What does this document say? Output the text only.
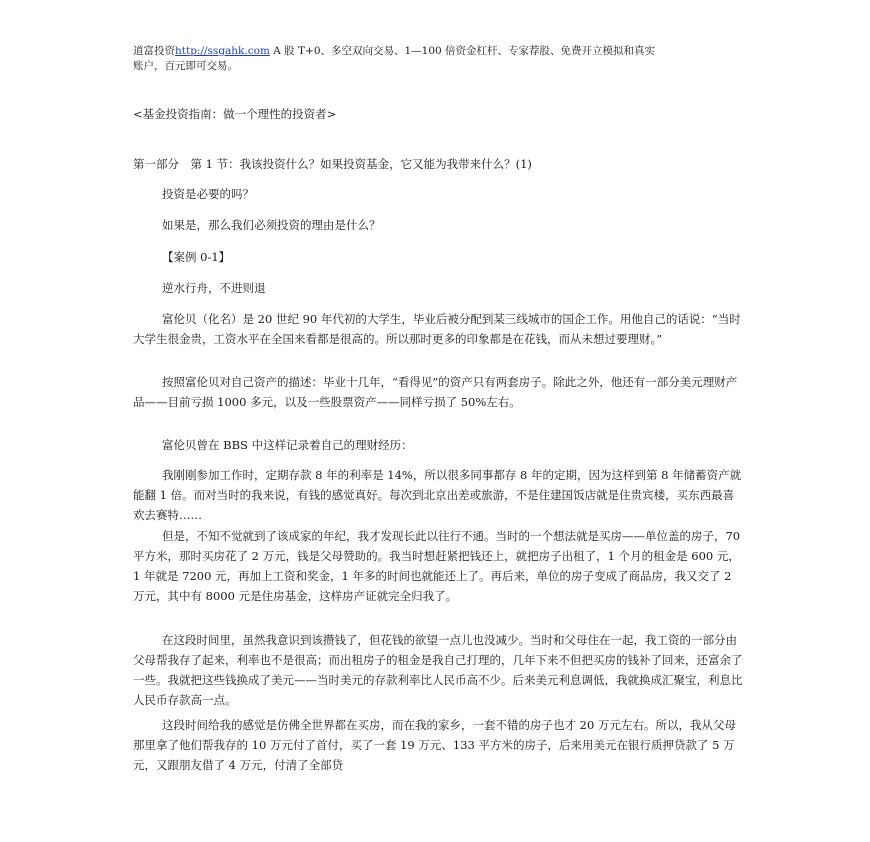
道富投资http://ssgahk.com A 股 T+0、多空双向交易、1—100 倍资金杠杆、专家荐股、免费开立模拟和真实
账户，百元即可交易。

<基金投资指南：做一个理性的投资者>

第一部分　第 1 节：我该投资什么？如果投资基金，它又能为我带来什么？(1)

投资是必要的吗？

如果是，那么我们必须投资的理由是什么？

【案例 0-1】

逆水行舟，不进则退

富伦贝（化名）是 20 世纪 90 年代初的大学生，毕业后被分配到某三线城市的国企工作。用他自己的话说：“当时大学生很金贵，工资水平在全国来看都是很高的。所以那时更多的印象都是在花钱，而从未想过要理财。”

按照富伦贝对自己资产的描述：毕业十几年，“看得见”的资产只有两套房子。除此之外，他还有一部分美元理财产品——目前亏损 1000 多元，以及一些股票资产——同样亏损了 50%左右。

富伦贝曾在 BBS 中这样记录着自己的理财经历：

我刚刚参加工作时，定期存款 8 年的利率是 14%，所以很多同事都存 8 年的定期，因为这样到第 8 年储蓄资产就能翻 1 倍。而对当时的我来说，有钱的感觉真好。每次到北京出差或旅游，不是住建国饭店就是住贵宾楼，买东西最喜欢去赛特……

但是，不知不觉就到了该成家的年纪，我才发现长此以往行不通。当时的一个想法就是买房——单位盖的房子，70 平方米，那时买房花了 2 万元，钱是父母赞助的。我当时想赶紧把钱还上，就把房子出租了，1 个月的租金是 600 元，1 年就是 7200 元，再加上工资和奖金，1 年多的时间也就能还上了。再后来，单位的房子变成了商品房，我又交了 2 万元，其中有 8000 元是住房基金，这样房产证就完全归我了。

在这段时间里，虽然我意识到该攒钱了，但花钱的欲望一点儿也没减少。当时和父母住在一起，我工资的一部分由父母帮我存了起来，利率也不是很高；而出租房子的租金是我自己打理的，几年下来不但把买房的钱补了回来，还富余了一些。我就把这些钱换成了美元——当时美元的存款利率比人民币高不少。后来美元利息调低，我就换成汇聚宝，利息比人民币存款高一点。

这段时间给我的感觉是仿佛全世界都在买房，而在我的家乡，一套不错的房子也才 20 万元左右。所以，我从父母那里拿了他们帮我存的 10 万元付了首付，买了一套 19 万元、133 平方米的房子，后来用美元在银行质押贷款了 5 万元，又跟朋友借了 4 万元，付清了全部贷
